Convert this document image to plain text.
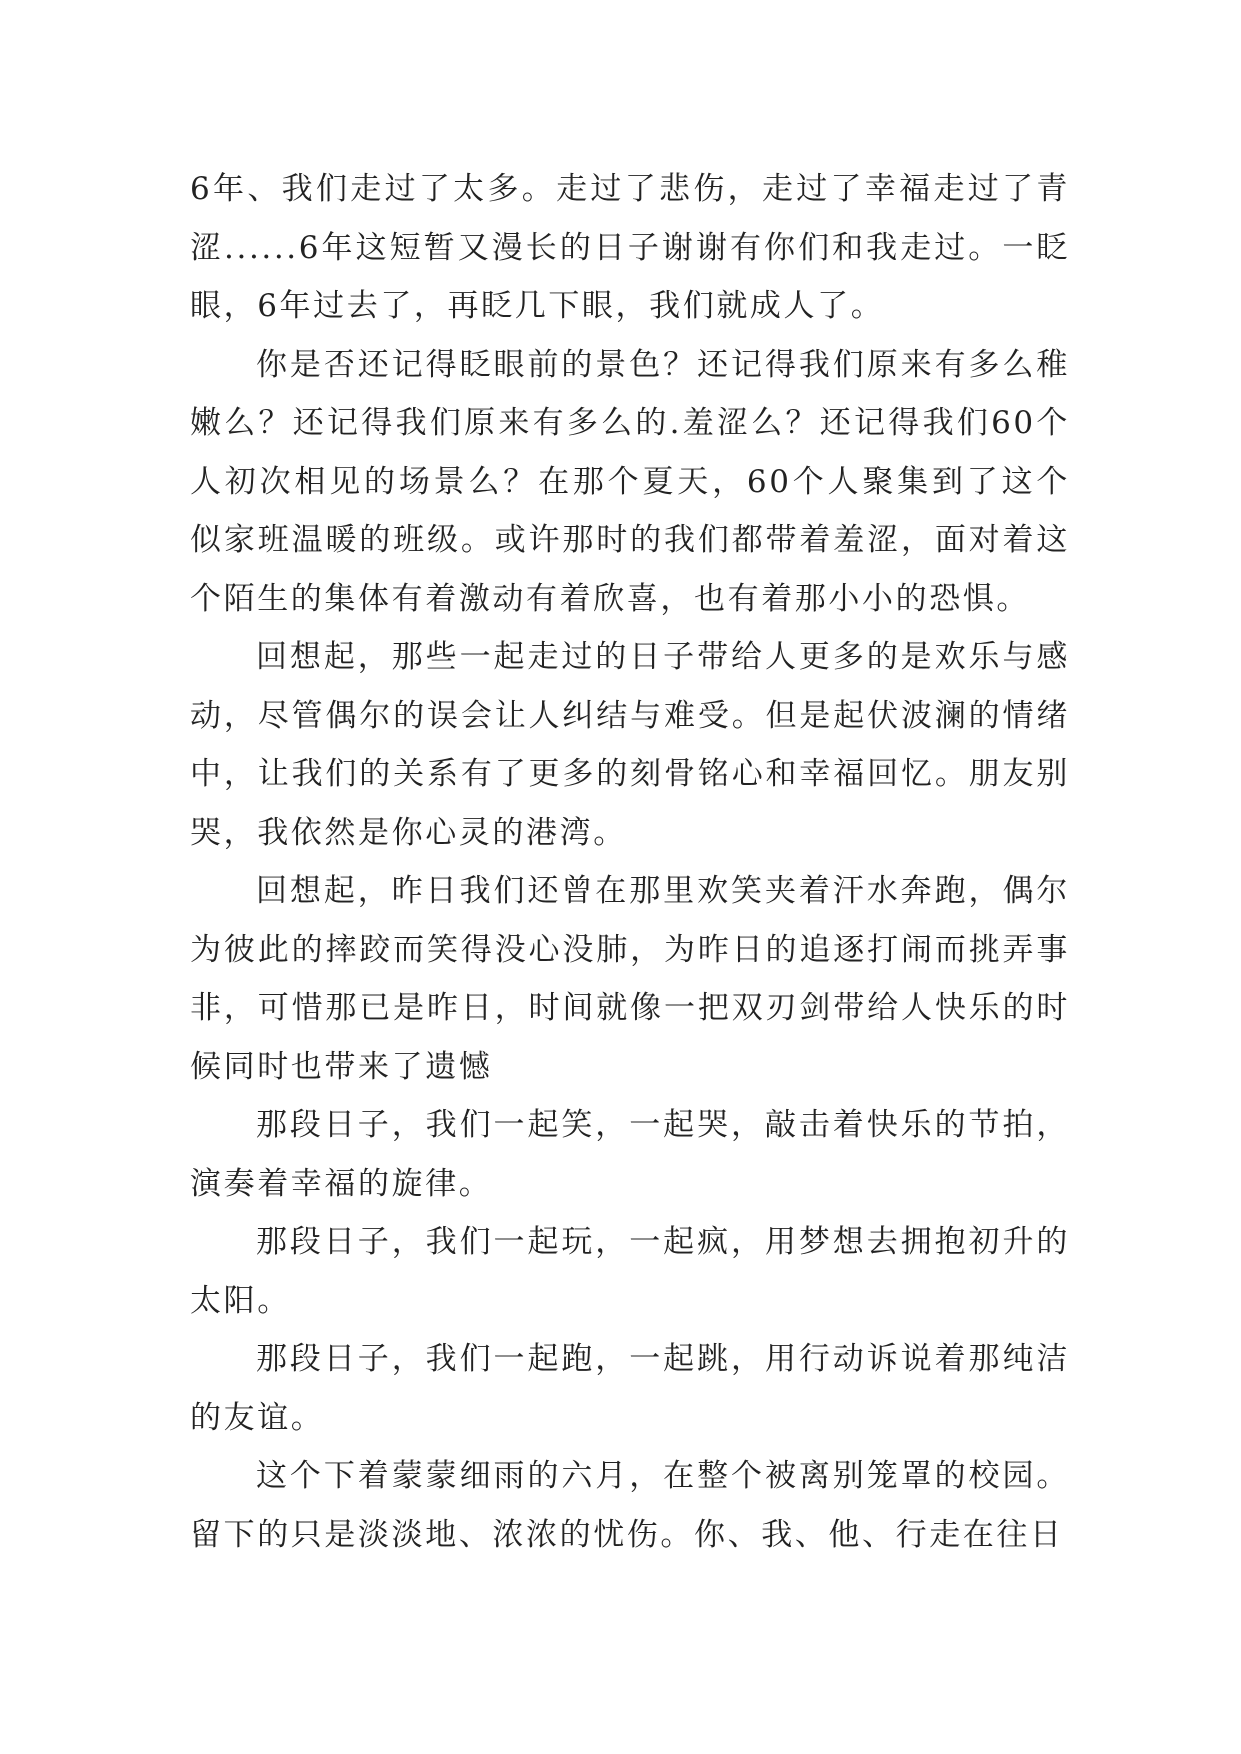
6年、我们走过了太多。走过了悲伤，走过了幸福走过了青涩......6年这短暂又漫长的日子谢谢有你们和我走过。一眨眼，6年过去了，再眨几下眼，我们就成人了。

你是否还记得眨眼前的景色？还记得我们原来有多么稚嫩么？还记得我们原来有多么的.羞涩么？还记得我们60个人初次相见的场景么？在那个夏天，60个人聚集到了这个似家班温暖的班级。或许那时的我们都带着羞涩，面对着这个陌生的集体有着激动有着欣喜，也有着那小小的恐惧。

回想起，那些一起走过的日子带给人更多的是欢乐与感动，尽管偶尔的误会让人纠结与难受。但是起伏波澜的情绪中，让我们的关系有了更多的刻骨铭心和幸福回忆。朋友别哭，我依然是你心灵的港湾。

回想起，昨日我们还曾在那里欢笑夹着汗水奔跑，偶尔为彼此的摔跤而笑得没心没肺，为昨日的追逐打闹而挑弄事非，可惜那已是昨日，时间就像一把双刃剑带给人快乐的时候同时也带来了遗憾

那段日子，我们一起笑，一起哭，敲击着快乐的节拍，演奏着幸福的旋律。

那段日子，我们一起玩，一起疯，用梦想去拥抱初升的太阳。

那段日子，我们一起跑，一起跳，用行动诉说着那纯洁的友谊。

这个下着蒙蒙细雨的六月，在整个被离别笼罩的校园。留下的只是淡淡地、浓浓的忧伤。你、我、他、行走在往日
